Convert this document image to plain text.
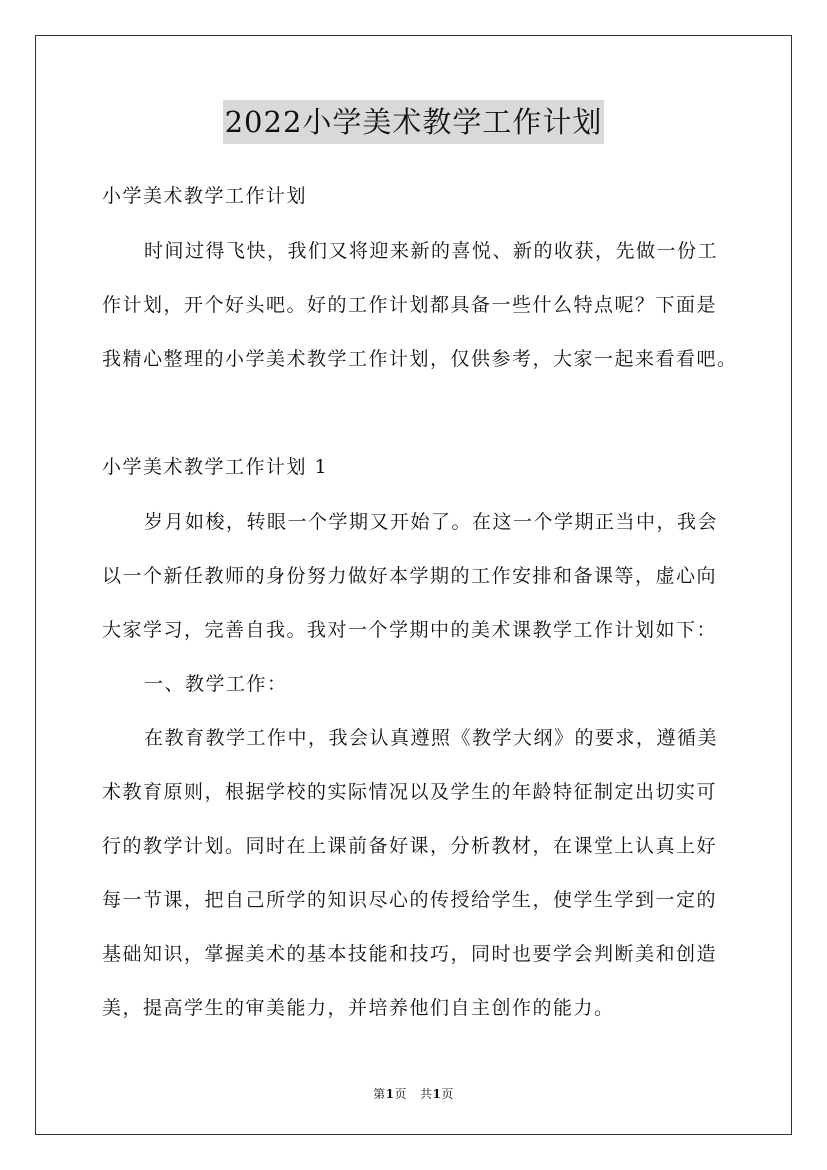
2022小学美术教学工作计划
小学美术教学工作计划
时间过得飞快，我们又将迎来新的喜悦、新的收获，先做一份工
作计划，开个好头吧。好的工作计划都具备一些什么特点呢？下面是
我精心整理的小学美术教学工作计划，仅供参考，大家一起来看看吧。
小学美术教学工作计划 1
岁月如梭，转眼一个学期又开始了。在这一个学期正当中，我会
以一个新任教师的身份努力做好本学期的工作安排和备课等，虚心向
大家学习，完善自我。我对一个学期中的美术课教学工作计划如下：
一、教学工作：
在教育教学工作中，我会认真遵照《教学大纲》的要求，遵循美
术教育原则，根据学校的实际情况以及学生的年龄特征制定出切实可
行的教学计划。同时在上课前备好课，分析教材，在课堂上认真上好
每一节课，把自己所学的知识尽心的传授给学生，使学生学到一定的
基础知识，掌握美术的基本技能和技巧，同时也要学会判断美和创造
美，提高学生的审美能力，并培养他们自主创作的能力。
第1页   共1页
